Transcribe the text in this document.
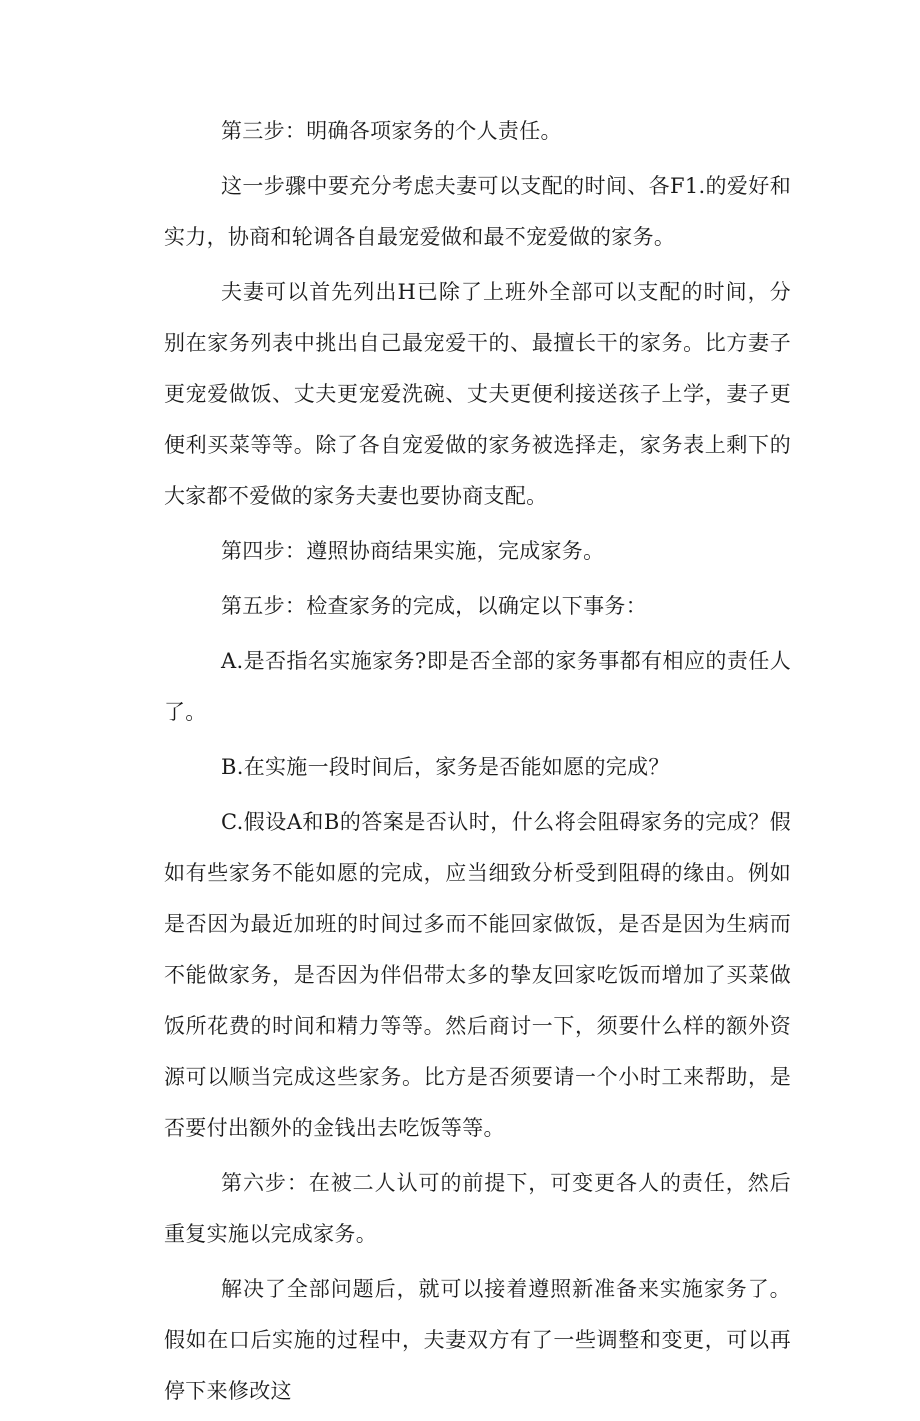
第三步：明确各项家务的个人责任。

这一步骤中要充分考虑夫妻可以支配的时间、各F1.的爱好和实力，协商和轮调各自最宠爱做和最不宠爱做的家务。

夫妻可以首先列出H已除了上班外全部可以支配的时间，分别在家务列表中挑出自己最宠爱干的、最擅长干的家务。比方妻子更宠爱做饭、丈夫更宠爱洗碗、丈夫更便利接送孩子上学，妻子更便利买菜等等。除了各自宠爱做的家务被选择走，家务表上剩下的大家都不爱做的家务夫妻也要协商支配。

第四步：遵照协商结果实施，完成家务。

第五步：检查家务的完成，以确定以下事务：

A.是否指名实施家务?即是否全部的家务事都有相应的责任人了。

B.在实施一段时间后，家务是否能如愿的完成？

C.假设A和B的答案是否认时，什么将会阻碍家务的完成？假如有些家务不能如愿的完成，应当细致分析受到阻碍的缘由。例如是否因为最近加班的时间过多而不能回家做饭，是否是因为生病而不能做家务，是否因为伴侣带太多的挚友回家吃饭而增加了买菜做饭所花费的时间和精力等等。然后商讨一下，须要什么样的额外资源可以顺当完成这些家务。比方是否须要请一个小时工来帮助，是否要付出额外的金钱出去吃饭等等。

第六步：在被二人认可的前提下，可变更各人的责任，然后重复实施以完成家务。

解决了全部问题后，就可以接着遵照新准备来实施家务了。假如在口后实施的过程中，夫妻双方有了一些调整和变更，可以再停下来修改这
